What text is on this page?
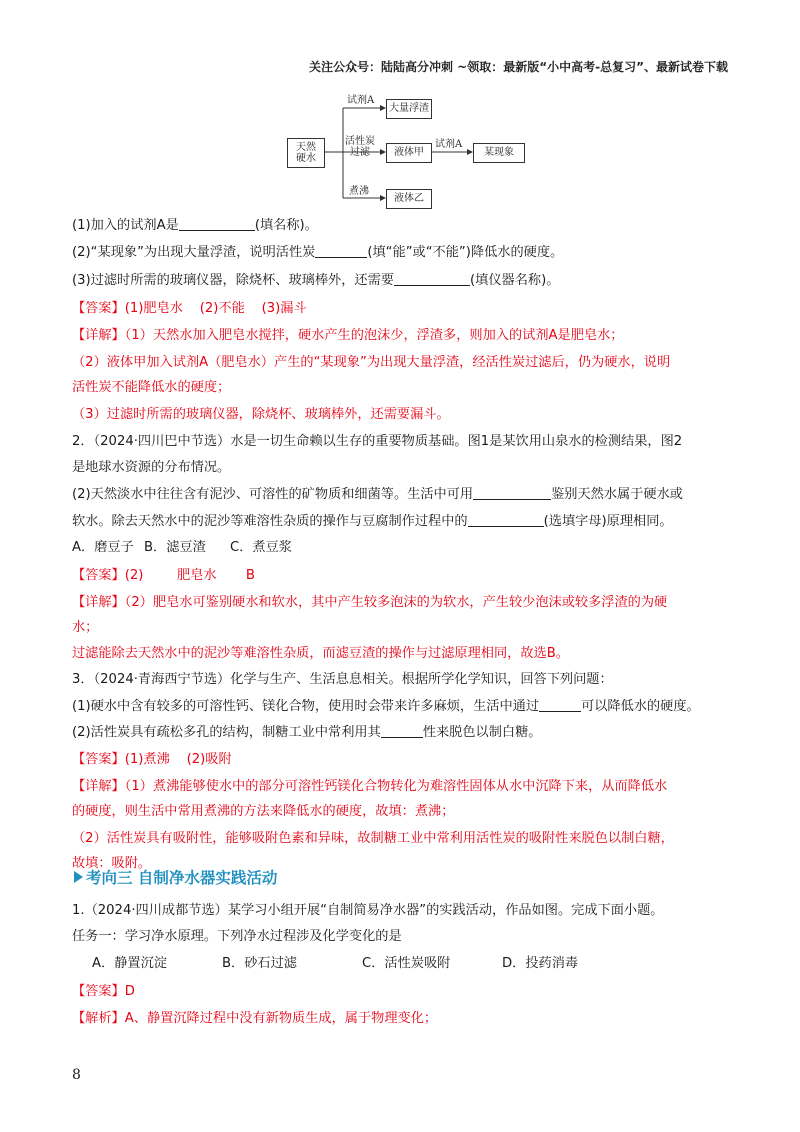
关注公众号：陆陆高分冲刺 ~领取：最新版“小中高考-总复习”、最新试卷下载
天然
硬水
试剂A
活性炭
过滤
煮沸
大量浮渣
液体甲
液体乙
试剂A
某现象
(1)加入的试剂A是	(填名称)。
(2)“某现象”为出现大量浮渣，说明活性炭	(填“能”或“不能”)降低水的硬度。
(3)过滤时所需的玻璃仪器，除烧杯、玻璃棒外，还需要	(填仪器名称)。
【答案】(1)肥皂水    (2)不能    (3)漏斗
【详解】（1）天然水加入肥皂水搅拌，硬水产生的泡沫少，浮渣多，则加入的试剂A是肥皂水；
（2）液体甲加入试剂A（肥皂水）产生的“某现象”为出现大量浮渣，经活性炭过滤后，仍为硬水，说明
活性炭不能降低水的硬度；
（3）过滤时所需的玻璃仪器，除烧杯、玻璃棒外，还需要漏斗。
2．（2024·四川巴中节选）水是一切生命赖以生存的重要物质基础。图1是某饮用山泉水的检测结果，图2
是地球水资源的分布情况。
(2)天然淡水中往往含有泥沙、可溶性的矿物质和细菌等。生活中可用	鉴别天然水属于硬水或
软水。除去天然水中的泥沙等难溶性杂质的操作与豆腐制作过程中的	(选填字母)原理相同。
A．磨豆子 B．滤豆渣 C．煮豆浆
【答案】(2)        肥皂水       B
【详解】（2）肥皂水可鉴别硬水和软水，其中产生较多泡沫的为软水，产生较少泡沫或较多浮渣的为硬
水；
过滤能除去天然水中的泥沙等难溶性杂质，而滤豆渣的操作与过滤原理相同，故选B。
3．（2024·青海西宁节选）化学与生产、生活息息相关。根据所学化学知识，回答下列问题：
(1)硬水中含有较多的可溶性钙、镁化合物，使用时会带来许多麻烦，生活中通过	可以降低水的硬度。
(2)活性炭具有疏松多孔的结构，制糖工业中常利用其	性来脱色以制白糖。
【答案】(1)煮沸    (2)吸附
【详解】（1）煮沸能够使水中的部分可溶性钙镁化合物转化为难溶性固体从水中沉降下来，从而降低水
的硬度，则生活中常用煮沸的方法来降低水的硬度，故填：煮沸；
（2）活性炭具有吸附性，能够吸附色素和异味，故制糖工业中常利用活性炭的吸附性来脱色以制白糖，
故填：吸附。
考向三 自制净水器实践活动
1.（2024·四川成都节选）某学习小组开展“自制简易净水器”的实践活动，作品如图。完成下面小题。
任务一：学习净水原理。下列净水过程涉及化学变化的是
A．静置沉淀	B．砂石过滤	C．活性炭吸附	D．投药消毒
【答案】D
【解析】A、静置沉降过程中没有新物质生成，属于物理变化；
8
